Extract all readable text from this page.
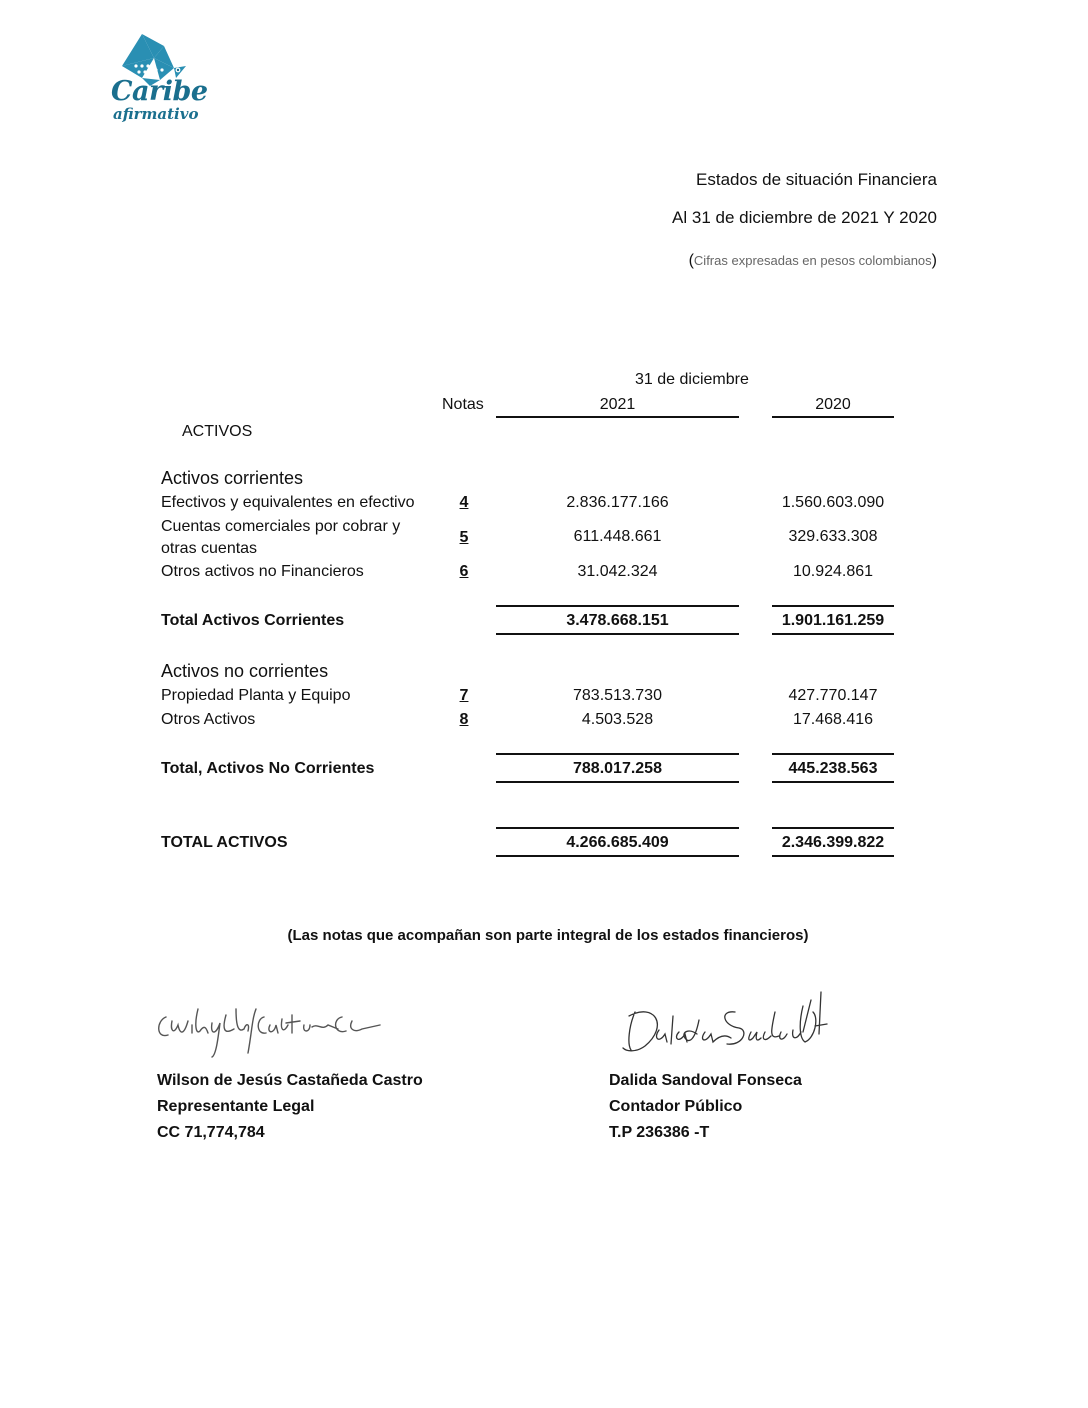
Caribe
afirmativo
Estados de situación Financiera
Al 31 de diciembre de 2021 Y 2020
(Cifras expresadas en pesos colombianos)
31 de diciembre
Notas	2021	2020
ACTIVOS
Activos corrientes
Efectivos y equivalentes en efectivo	4	2.836.177.166	1.560.603.090
Cuentas comerciales por cobrar y
otras cuentas
5	611.448.661	329.633.308
Otros activos no Financieros	6	31.042.324	10.924.861
Total Activos Corrientes	3.478.668.151	1.901.161.259
Activos no corrientes
Propiedad Planta y Equipo	7	783.513.730	427.770.147
Otros Activos	8	4.503.528	17.468.416
Total, Activos No Corrientes	788.017.258	445.238.563
TOTAL ACTIVOS	4.266.685.409	2.346.399.822
(Las notas que acompañan son parte integral de los estados financieros)
Wilson de Jesús Castañeda Castro
Representante Legal
CC 71,774,784
Dalida Sandoval Fonseca
Contador Público
T.P 236386 -T
